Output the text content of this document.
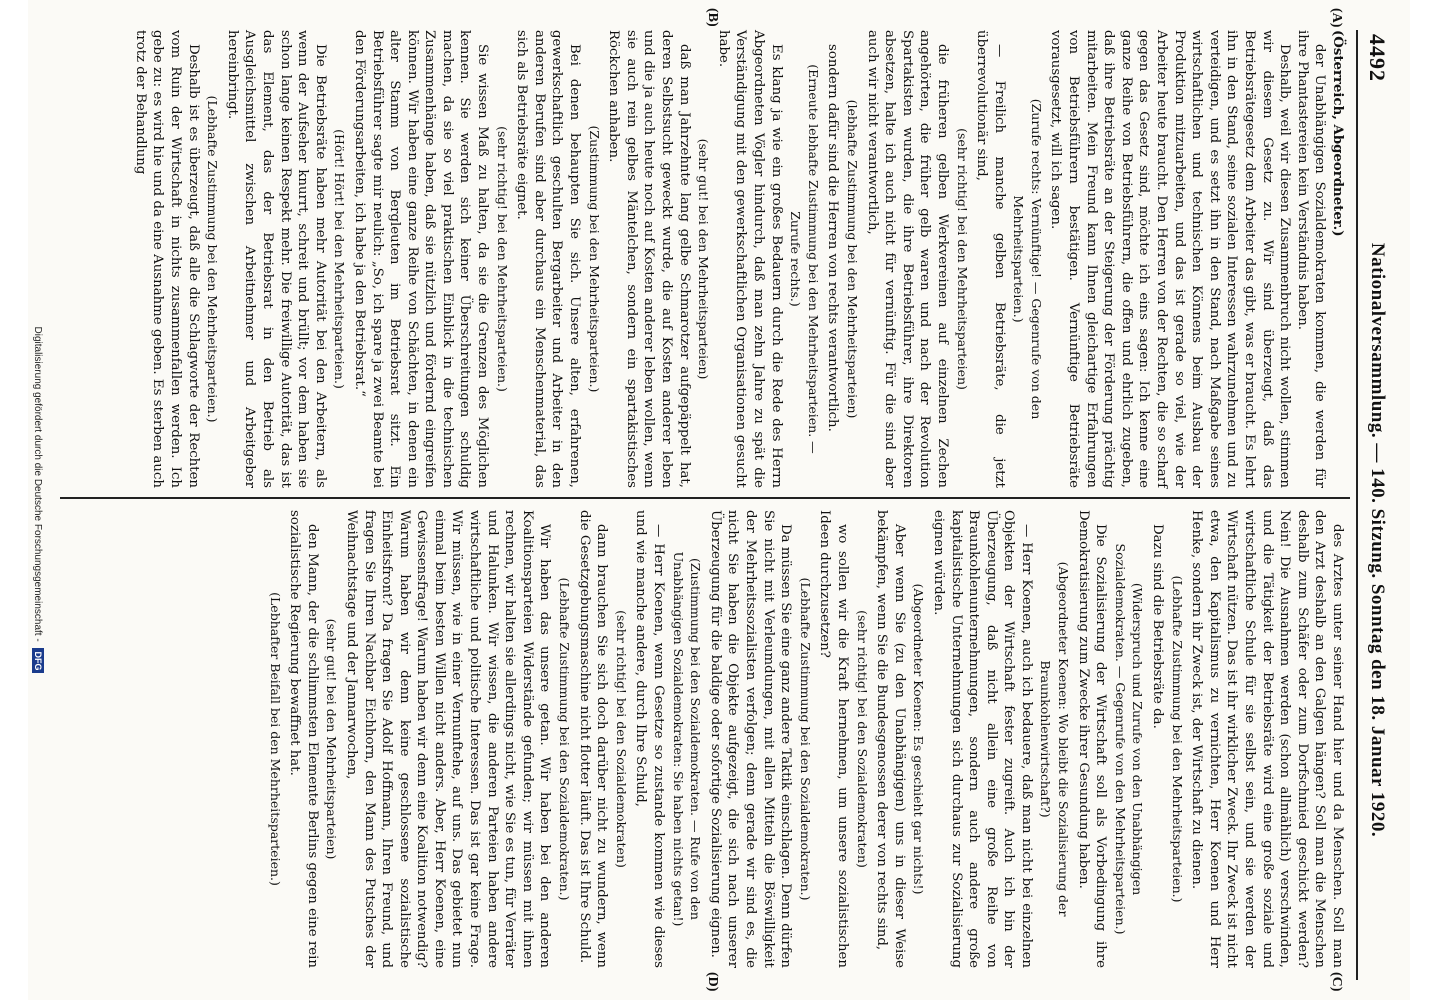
4492
Nationalversammlung. — 140. Sitzung. Sonntag den 18. Januar 1920.
(A)
(B)
(C)
(D)

(Österreich, Abgeordneter.)

der Unabhängigen Sozialdemokraten kommen, die werden für ihre Phantastereien kein Verständnis haben.

Deshalb, weil wir diesen Zusammenbruch nicht wollen, stimmen wir diesem Gesetz zu. Wir sind überzeugt, daß das Betriebsrätegesetz dem Arbeiter das gibt, was er braucht. Es lehrt ihn in den Stand, seine sozialen Interessen wahrzunehmen und zu verteidigen, und es setzt ihn in den Stand, nach Maßgabe seines wirtschaftlichen und technischen Könnens beim Ausbau der Produktion mitzuarbeiten, und das ist gerade so viel, wie der Arbeiter heute braucht. Den Herren von der Rechten, die so scharf gegen das Gesetz sind, möchte ich eins sagen: Ich kenne eine ganze Reihe von Betriebsführern, die offen und ehrlich zugeben, daß ihre Betriebsräte an der Steigerung der Förderung prächtig mitarbeiten. Mein Freund kann Ihnen gleichartige Erfahrungen von Betriebsführern bestätigen. Vernünftige Betriebsräte vorausgesetzt, will ich sagen.

(Zurufe rechts: Vernünftige! — Gegenrufe von den Mehrheitsparteien.)

— Freilich manche gelben Betriebsräte, die jetzt überrevolutionär sind,

(sehr richtig! bei den Mehrheitsparteien)

die früheren gelben Werkvereinen auf einzelnen Zechen angehörten, die früher gelb waren und nach der Revolution Spartakisten wurden, die ihre Betriebsführer, ihre Direktoren absetzen, halte ich auch nicht für vernünftig. Für die sind aber auch wir nicht verantwortlich,

(lebhafte Zustimmung bei den Mehrheitsparteien)

sondern dafür sind die Herren von rechts verantwortlich.

(Erneute lebhafte Zustimmung bei den Mehrheitsparteien. — Zurufe rechts.)

Es klang ja wie ein großes Bedauern durch die Rede des Herrn Abgeordneten Vögler hindurch, daß man zehn Jahre zu spät die Verständigung mit den gewerkschaftlichen Organisationen gesucht habe.

(sehr gut! bei den Mehrheitsparteien)

daß man Jahrzehnte lang gelbe Schmarotzer aufgepäppelt hat, deren Selbstsucht geweckt wurde, die auf Kosten anderer leben und die ja auch heute noch auf Kosten anderer leben wollen, wenn sie auch rein gelbes Mäntelchen, sondern ein spartakistisches Röckchen anhaben.

(Zustimmung bei den Mehrheitsparteien.)

Bei denen behaupten Sie sich. Unsere alten, erfahrenen, gewerkschaftlich geschulten Bergarbeiter und Arbeiter in den anderen Berufen sind aber durchaus ein Menschenmaterial, das sich als Betriebsräte eignet.

(sehr richtig! bei den Mehrheitsparteien.)

Sie wissen Maß zu halten, da sie die Grenzen des Möglichen kennen. Sie werden sich keiner Überschreitungen schuldig machen, da sie so viel praktischen Einblick in die technischen Zusammenhänge haben, daß sie nützlich und fördernd eingreifen können. Wir haben eine ganze Reihe von Schächten, in denen ein alter Stamm von Bergleuten im Betriebsrat sitzt. Ein Betriebsführer sagte mir neulich: „So, ich spare ja zwei Beamte bei den Förderungsarbeiten, ich habe ja den Betriebsrat.“

(Hört! Hört! bei den Mehrheitsparteien.)

Die Betriebsräte haben mehr Autorität bei den Arbeitern, als wenn der Aufseher knurrt, schreit und brüllt; vor dem haben sie schon lange keinen Respekt mehr. Die freiwillige Autorität, das ist das Element, das der Betriebsrat in den Betrieb als Ausgleichsmittel zwischen Arbeitnehmer und Arbeitgeber hereinbringt.

(Lebhafte Zustimmung bei den Mehrheitsparteien.)

Deshalb ist es überzeugt, daß alle die Schlagworte der Rechten vom Ruin der Wirtschaft in nichts zusammenfallen werden. Ich gebe zu: es wird hie und da eine Ausnahme geben. Es sterben auch trotz der Behandlung

des Arztes unter seiner Hand hier und da Menschen. Soll man den Arzt deshalb an den Galgen hängen? Soll man die Menschen deshalb zum Schäfer oder zum Dorfschmied geschickt werden? Nein! Die Ausnahmen werden (schon allmählich) verschwinden, und die Tätigkeit der Betriebsräte wird eine große soziale und wirtschaftliche Schule für sie selbst sein, und sie werden der Wirtschaft nützen. Das ist ihr wirklicher Zweck. Ihr Zweck ist nicht etwa, den Kapitalismus zu vernichten, Herr Koenen und Herr Henke, sondern ihr Zweck ist, der Wirtschaft zu dienen.

(Lebhafte Zustimmung bei den Mehrheitsparteien.)

Dazu sind die Betriebsräte da.

(Widerspruch und Zurufe von den Unabhängigen Sozialdemokraten. — Gegenrufe von den Mehrheitsparteien.)

Die Sozialisierung der Wirtschaft soll als Vorbedingung ihre Demokratisierung zum Zwecke ihrer Gesundung haben.

(Abgeordneter Koenen: Wo bleibt die Sozialisierung der Braunkohlenwirtschaft?)

— Herr Koenen, auch ich bedauere, daß man nicht bei einzelnen Objekten der Wirtschaft fester zugreift. Auch ich bin der Überzeugung, daß nicht allein eine große Reihe von Braunkohlenunternehmungen, sondern auch andere große kapitalistische Unternehmungen sich durchaus zur Sozialisierung eignen würden.

(Abgeordneter Koenen: Es geschieht gar nichts!)

Aber wenn Sie (zu den Unabhängigen) uns in dieser Weise bekämpfen, wenn Sie die Bundesgenossen derer von rechts sind,

(sehr richtig! bei den Sozialdemokraten)

wo sollen wir die Kraft hernehmen, um unsere sozialistischen Ideen durchzusetzen?

(Lebhafte Zustimmung bei den Sozialdemokraten.)

Da müssen Sie eine ganz andere Taktik einschlagen. Denn dürfen Sie nicht mit Verleumdungen, mit allen Mitteln die Böswilligkeit der Mehrheitssozialisten verfolgen; denn gerade wir sind es, die nicht Sie haben die Objekte aufgezeigt, die sich nach unserer Überzeugung für die baldige oder sofortige Sozialisierung eignen.

(Zustimmung bei den Sozialdemokraten. — Rufe von den Unabhängigen Sozialdemokraten: Sie haben nichts getan!)

— Herr Koenen, wenn Gesetze so zustande kommen wie dieses und wie manche andere, durch Ihre Schuld,

(sehr richtig! bei den Sozialdemokraten)

dann brauchen Sie sich doch darüber nicht zu wundern, wenn die Gesetzgebungsmaschine nicht flotter läuft. Das ist Ihre Schuld.

(Lebhafte Zustimmung bei den Sozialdemokraten.)

Wir haben das unsere getan. Wir haben bei den anderen Koalitionsparteien Widerstände gefunden; wir müssen mit ihnen rechnen, wir halten sie allerdings nicht, wie Sie es tun, für Verräter und Halunken. Wir wissen, die anderen Parteien haben andere wirtschaftliche und politische Interessen. Das ist gar keine Frage. Wir müssen, wie in einer Vernunftehe, auf uns. Das gebietet nun einmal beim besten Willen nicht anders. Aber, Herr Koenen, eine Gewissensfrage! Warum haben wir denn eine Koalition notwendig? Warum haben wir denn keine geschlossene sozialistische Einheitsfront? Da fragen Sie Adolf Hoffmann, Ihren Freund, und fragen Sie Ihren Nachbar Eichhorn, den Mann des Putsches der Weihnachtstage und der Jannarwochen,

(sehr gut! bei den Mehrheitsparteien)

den Mann, der die schlimmsten Elemente Berlins gegen eine rein sozialistische Regierung bewaffnet hat.

(Lebhafter Beifall bei den Mehrheitsparteien.)

Digitalisierung gefördert durch die Deutsche Forschungsgemeinschaft - DFG
